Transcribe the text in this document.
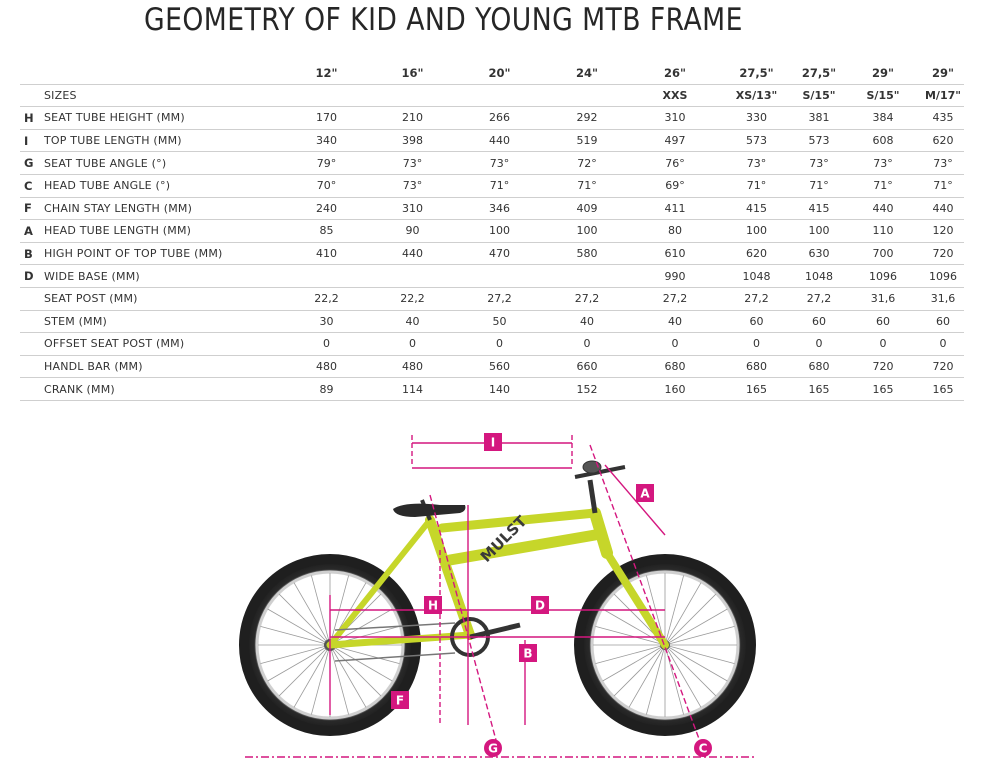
GEOMETRY OF KID AND YOUNG MTB FRAME
		12"	16"	20"	24"	26"	27,5"	27,5"	29"	29"
	SIZES					XXS	XS/13"	S/15"	S/15"	M/17"
H	SEAT TUBE HEIGHT (MM)	170	210	266	292	310	330	381	384	435
I	TOP TUBE LENGTH (MM)	340	398	440	519	497	573	573	608	620
G	SEAT TUBE ANGLE (°)	79°	73°	73°	72°	76°	73°	73°	73°	73°
C	HEAD TUBE ANGLE (°)	70°	73°	71°	71°	69°	71°	71°	71°	71°
F	CHAIN STAY LENGTH (MM)	240	310	346	409	411	415	415	440	440
A	HEAD TUBE LENGTH (MM)	85	90	100	100	80	100	100	110	120
B	HIGH POINT OF TOP TUBE (MM)	410	440	470	580	610	620	630	700	720
D	WIDE BASE (MM)					990	1048	1048	1096	1096
	SEAT POST (MM)	22,2	22,2	27,2	27,2	27,2	27,2	27,2	31,6	31,6
	STEM (MM)	30	40	50	40	40	60	60	60	60
	OFFSET SEAT POST (MM)	0	0	0	0	0	0	0	0	0
	HANDL BAR (MM)	480	480	560	660	680	680	680	720	720
	CRANK (MM)	89	114	140	152	160	165	165	165	165
MULST
I
A
H	D
B
F
G	C
